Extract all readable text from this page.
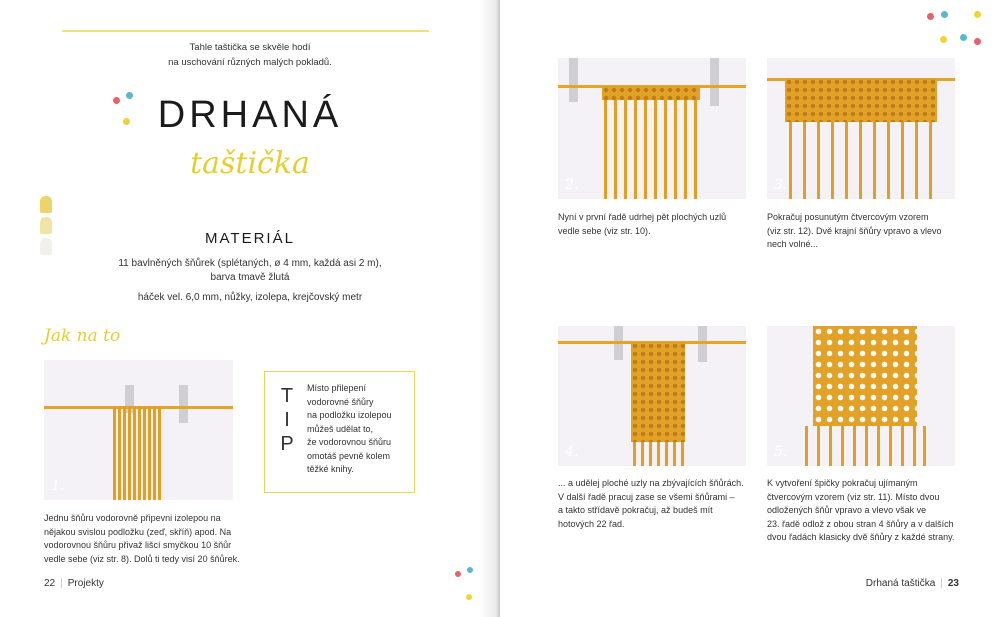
Tahle taštička se skvěle hodí
na uschování různých malých pokladů.
DRHANÁ
taštička
MATERIÁL
11 bavlněných šňůrek (splétaných, ø 4 mm, každá asi 2 m),
barva tmavě žlutá
háček vel. 6,0 mm, nůžky, izolepa, krejčovský metr
Jak na to
1.
Jednu šňůru vodorovně připevni izolepou na
nějakou svislou podložku (zeď, skříň) apod. Na
vodorovnou šňůru přivaž lišcí smyčkou 10 šňůr
vedle sebe (viz str. 8). Dolů ti tedy visí 20 šňůrek.
T
I
P
Místo přilepení
vodorovné šňůry
na podložku izolepou
můžeš udělat to,
že vodorovnou šňůru
omotáš pevně kolem
těžké knihy.
22 | Projekty
2.	3.
Nyní v první řadě udrhej pět plochých uzlů
vedle sebe (viz str. 10).
Pokračuj posunutým čtvercovým vzorem
(viz str. 12). Dvě krajní šňůry vpravo a vlevo
nech volné...
4.	5.
... a udělej ploché uzly na zbývajících šňůrách.
V další řadě pracuj zase se všemi šňůrami –
a takto střídavě pokračuj, až budeš mít
hotových 22 řad.
K vytvoření špičky pokračuj ujímaným
čtvercovým vzorem (viz str. 11). Místo dvou
odložených šňůr vpravo a vlevo však ve
23. řadě odlož z obou stran 4 šňůry a v dalších
dvou řadách klasicky dvě šňůry z každé strany.
Drhaná taštička | 23
